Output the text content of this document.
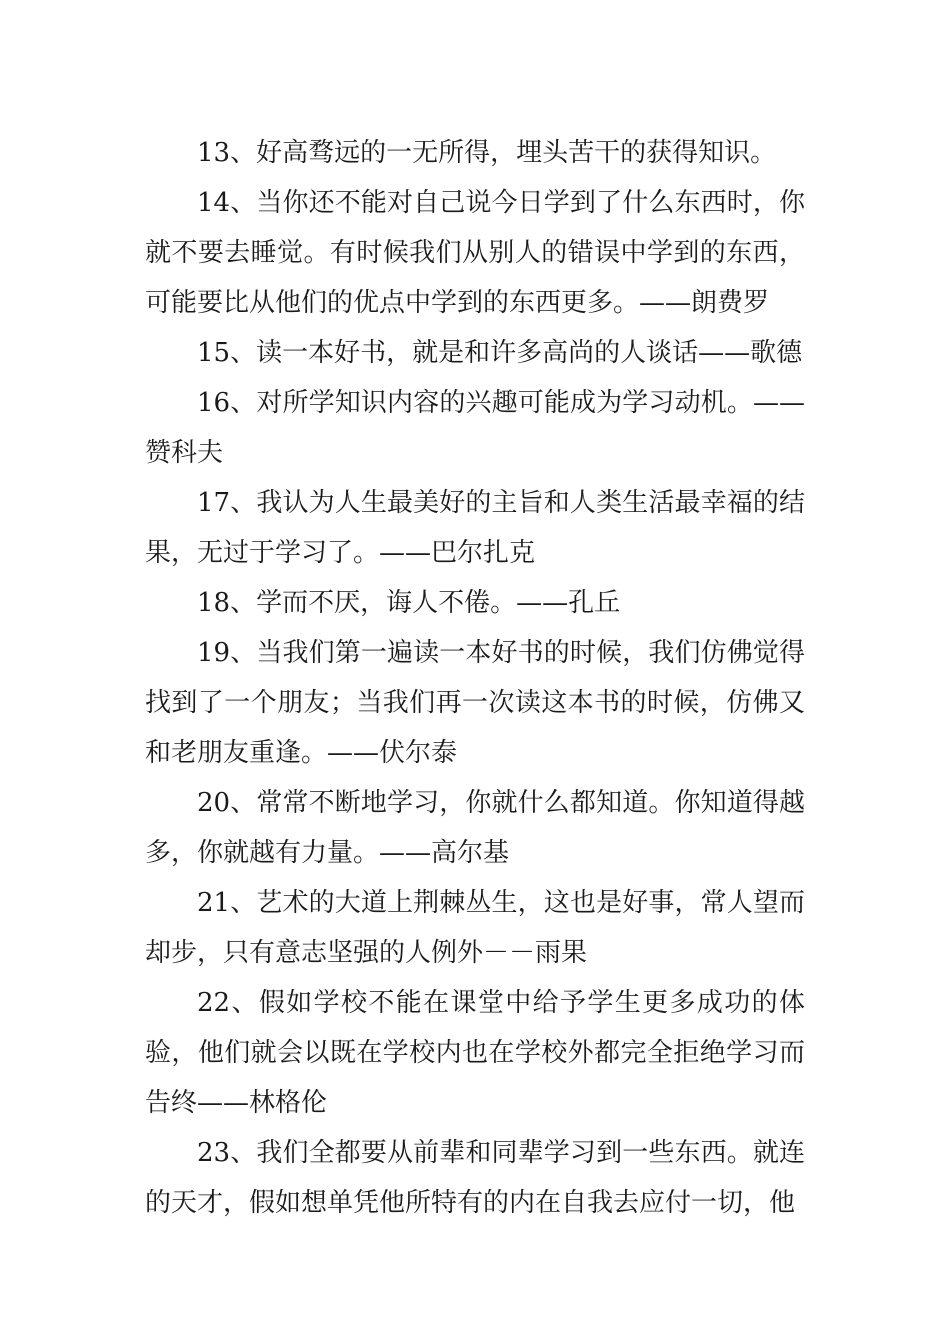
13、好高骛远的一无所得，埋头苦干的获得知识。

14、当你还不能对自己说今日学到了什么东西时，你就不要去睡觉。有时候我们从别人的错误中学到的东西，可能要比从他们的优点中学到的东西更多。——朗费罗

15、读一本好书，就是和许多高尚的人谈话——歌德

16、对所学知识内容的兴趣可能成为学习动机。——赞科夫

17、我认为人生最美好的主旨和人类生活最幸福的结果，无过于学习了。——巴尔扎克

18、学而不厌，诲人不倦。——孔丘

19、当我们第一遍读一本好书的时候，我们仿佛觉得找到了一个朋友；当我们再一次读这本书的时候，仿佛又和老朋友重逢。——伏尔泰

20、常常不断地学习，你就什么都知道。你知道得越多，你就越有力量。——高尔基

21、艺术的大道上荆棘丛生，这也是好事，常人望而却步，只有意志坚强的人例外－－雨果

22、假如学校不能在课堂中给予学生更多成功的体验，他们就会以既在学校内也在学校外都完全拒绝学习而告终——林格伦

23、我们全都要从前辈和同辈学习到一些东西。就连的天才，假如想单凭他所特有的内在自我去应付一切，他
